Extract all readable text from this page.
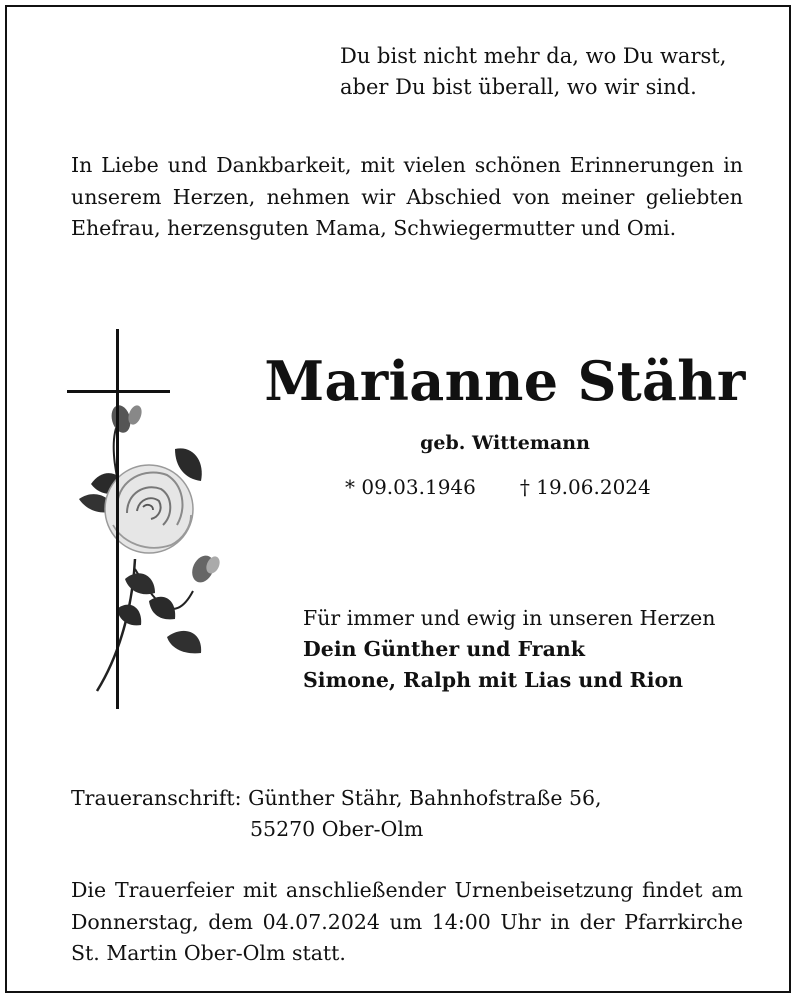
Du bist nicht mehr da, wo Du warst,
aber Du bist überall, wo wir sind.
In Liebe und Dankbarkeit, mit vielen schönen Erinnerungen in unserem Herzen, nehmen wir Abschied von meiner geliebten Ehefrau, herzensguten Mama, Schwiegermutter und Omi.
Marianne Stähr
geb. Wittemann
* 09.03.1946 † 19.06.2024
Für immer und ewig in unseren Herzen
Dein Günther und Frank
Simone, Ralph mit Lias und Rion
Traueranschrift: Günther Stähr, Bahnhofstraße 56,
55270 Ober-Olm
Die Trauerfeier mit anschließender Urnenbeisetzung findet am Donnerstag, dem 04.07.2024 um 14:00 Uhr in der Pfarrkirche St. Martin Ober-Olm statt.
